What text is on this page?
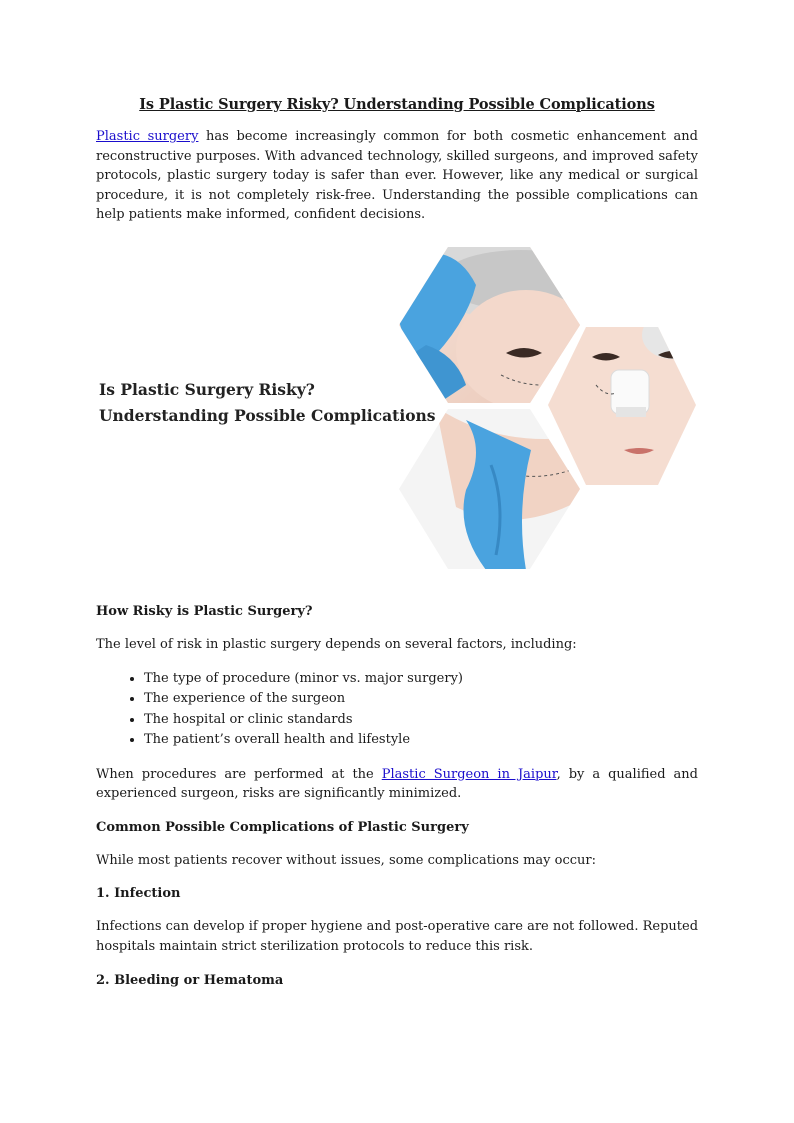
Is Plastic Surgery Risky? Understanding Possible Complications

Plastic surgery has become increasingly common for both cosmetic enhancement and reconstructive purposes. With advanced technology, skilled surgeons, and improved safety protocols, plastic surgery today is safer than ever. However, like any medical or surgical procedure, it is not completely risk-free. Understanding the possible complications can help patients make informed, confident decisions.

Is Plastic Surgery Risky?
Understanding Possible Complications
How Risky is Plastic Surgery?

The level of risk in plastic surgery depends on several factors, including:

• The type of procedure (minor vs. major surgery)
• The experience of the surgeon
• The hospital or clinic standards
• The patient’s overall health and lifestyle

When procedures are performed at the Plastic Surgeon in Jaipur, by a qualified and experienced surgeon, risks are significantly minimized.

Common Possible Complications of Plastic Surgery

While most patients recover without issues, some complications may occur:

1. Infection

Infections can develop if proper hygiene and post-operative care are not followed. Reputed hospitals maintain strict sterilization protocols to reduce this risk.

2. Bleeding or Hematoma
